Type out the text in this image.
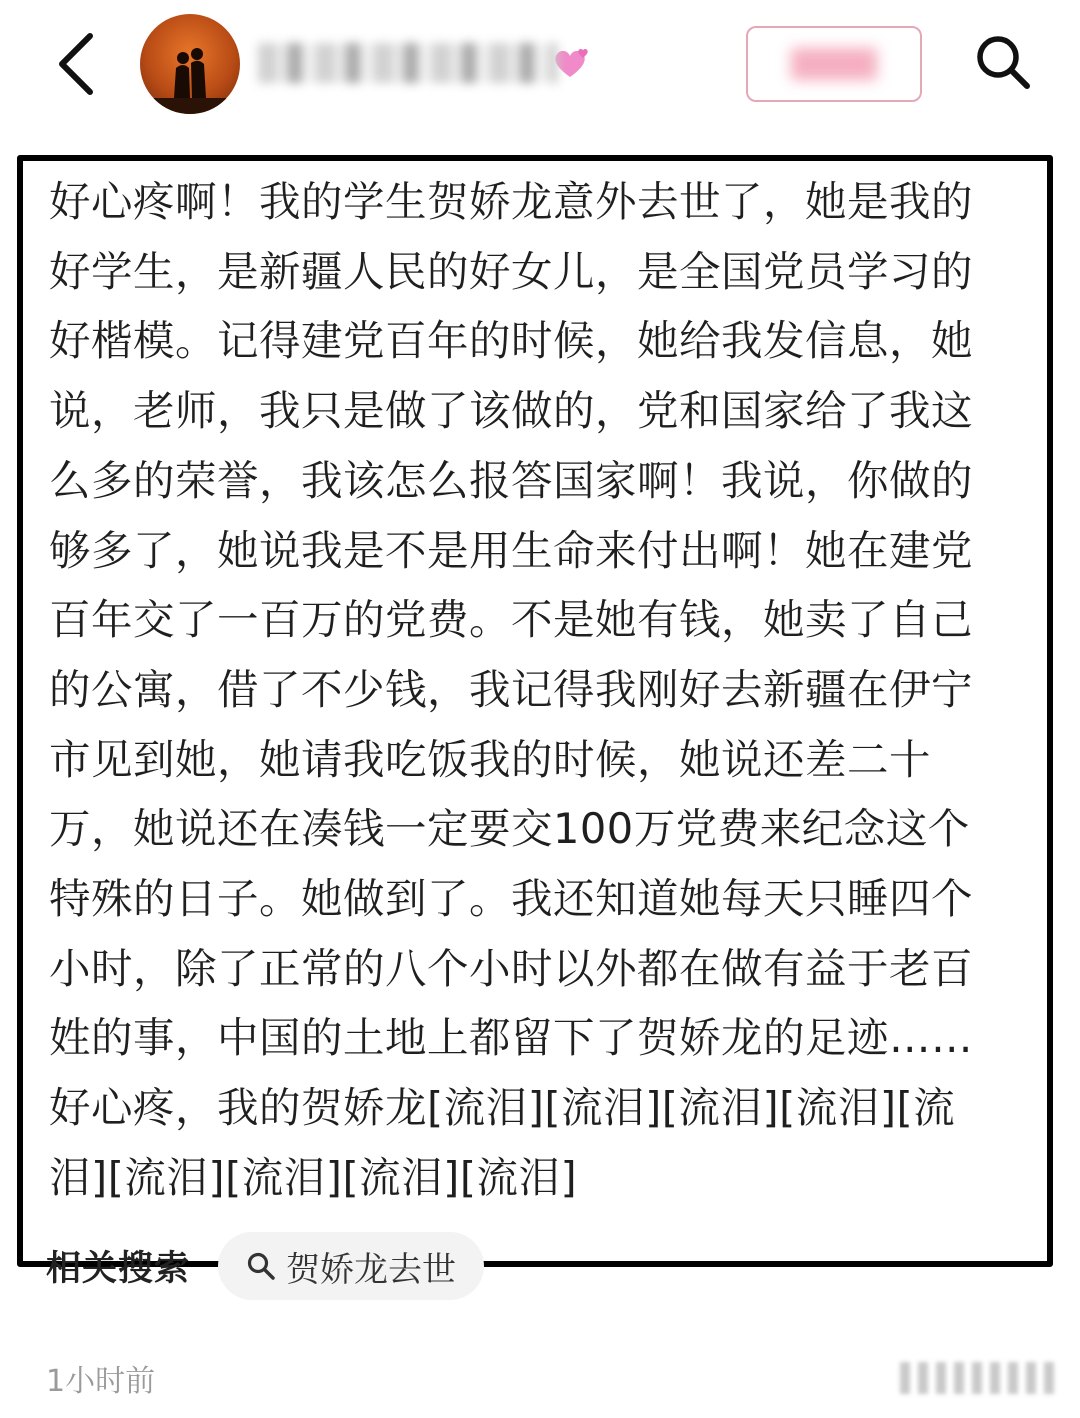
好心疼啊！我的学生贺娇龙意外去世了，她是我的
好学生，是新疆人民的好女儿，是全国党员学习的
好楷模。记得建党百年的时候，她给我发信息，她
说，老师，我只是做了该做的，党和国家给了我这
么多的荣誉，我该怎么报答国家啊！我说，你做的
够多了，她说我是不是用生命来付出啊！她在建党
百年交了一百万的党费。不是她有钱，她卖了自己
的公寓，借了不少钱，我记得我刚好去新疆在伊宁
市见到她，她请我吃饭我的时候，她说还差二十
万，她说还在凑钱一定要交100万党费来纪念这个
特殊的日子。她做到了。我还知道她每天只睡四个
小时，除了正常的八个小时以外都在做有益于老百
姓的事，中国的土地上都留下了贺娇龙的足迹……
好心疼，我的贺娇龙[流泪][流泪][流泪][流泪][流
泪][流泪][流泪][流泪][流泪]
相关搜索	贺娇龙去世
1小时前
